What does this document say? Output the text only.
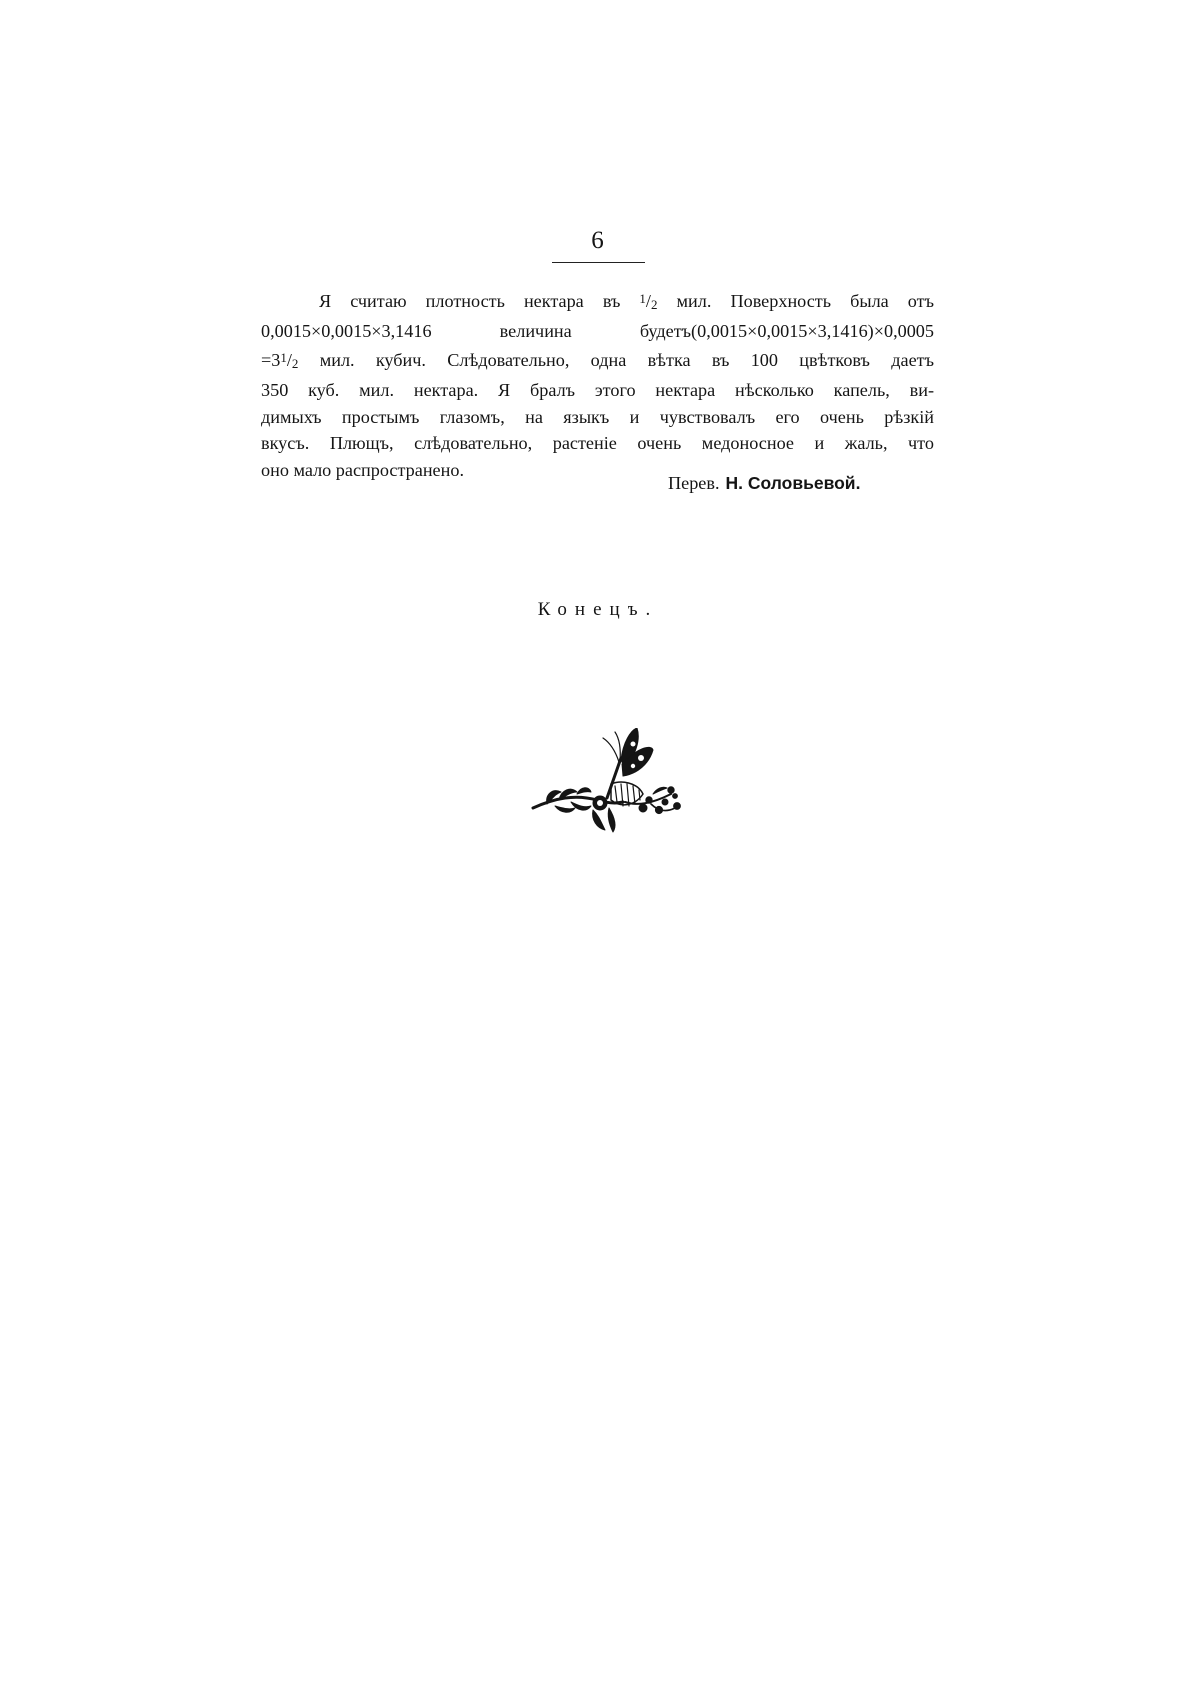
6
Я считаю плотность нектара въ $^1$/2 мил. Поверхность была отъ
0,0015×0,0015×3,1416 величина будетъ(0,0015×0,0015×3,1416)×0,0005
$=3^1/2$ мил. кубич. Слѣдовательно, одна вѣтка въ 100 цвѣтковъ даетъ
350 куб. мил. нектара. Я бралъ этого нектара нѣсколько капель, ви-
димыхъ простымъ глазомъ, на языкъ и чувствовалъ его очень рѣзкій
вкусъ. Плющъ, слѣдовательно, растеніе очень медоносное и жаль, что
оно мало распространено.
Перев. Н. Соловьевой.
Конецъ.
